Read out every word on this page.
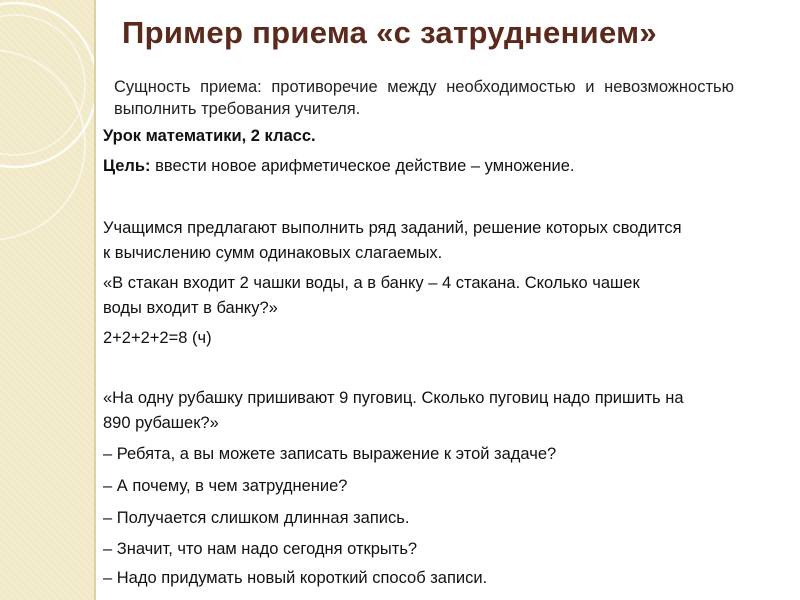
Пример приема «с затруднением»
Сущность приема: противоречие между необходимостью и невозможностью выполнить требования учителя.
Урок математики, 2 класс.
Цель: ввести новое арифметическое действие – умножение.
Учащимся предлагают выполнить ряд заданий, решение которых сводится
к вычислению сумм одинаковых слагаемых.
«В стакан входит 2 чашки воды, а в банку – 4 стакана. Сколько чашек
воды входит в банку?»
2+2+2+2=8 (ч)
«На одну рубашку пришивают 9 пуговиц. Сколько пуговиц надо пришить на
890 рубашек?»
– Ребята, а вы можете записать выражение к этой задаче?
– А почему, в чем затруднение?
– Получается слишком длинная запись.
– Значит, что нам надо сегодня открыть?
– Надо придумать новый короткий способ записи.
